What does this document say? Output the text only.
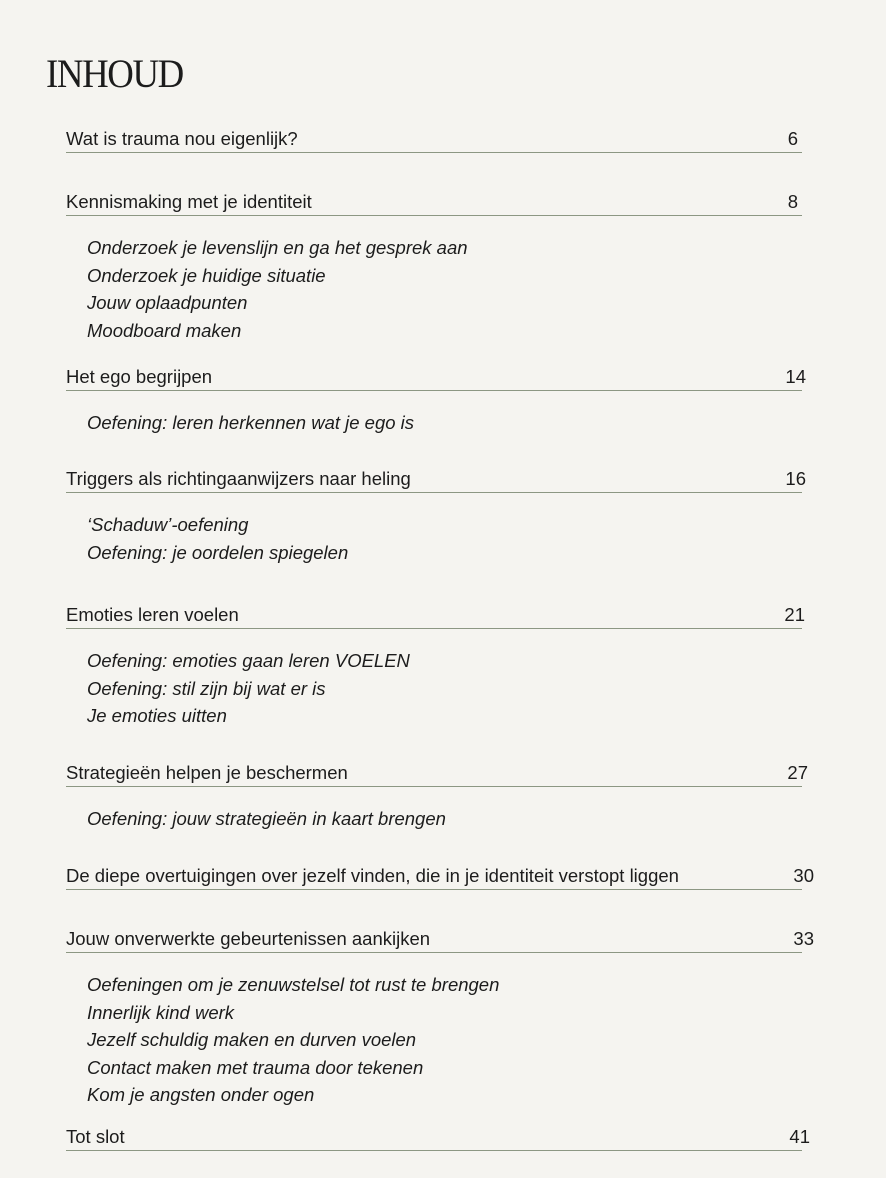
INHOUD
Wat is trauma nou eigenlijk?	6
Kennismaking met je identiteit	8
Onderzoek je levenslijn en ga het gesprek aan
Onderzoek je huidige situatie
Jouw oplaadpunten
Moodboard maken
Het ego begrijpen	14
Oefening: leren herkennen wat je ego is
Triggers als richtingaanwijzers naar heling	16
‘Schaduw’-oefening
Oefening: je oordelen spiegelen
Emoties leren voelen	21
Oefening: emoties gaan leren VOELEN
Oefening: stil zijn bij wat er is
Je emoties uitten
Strategieën helpen je beschermen	27
Oefening: jouw strategieën in kaart brengen
De diepe overtuigingen over jezelf vinden, die in je identiteit verstopt liggen	30
Jouw onverwerkte gebeurtenissen aankijken	33
Oefeningen om je zenuwstelsel tot rust te brengen
Innerlijk kind werk
Jezelf schuldig maken en durven voelen
Contact maken met trauma door tekenen
Kom je angsten onder ogen
Tot slot	41
